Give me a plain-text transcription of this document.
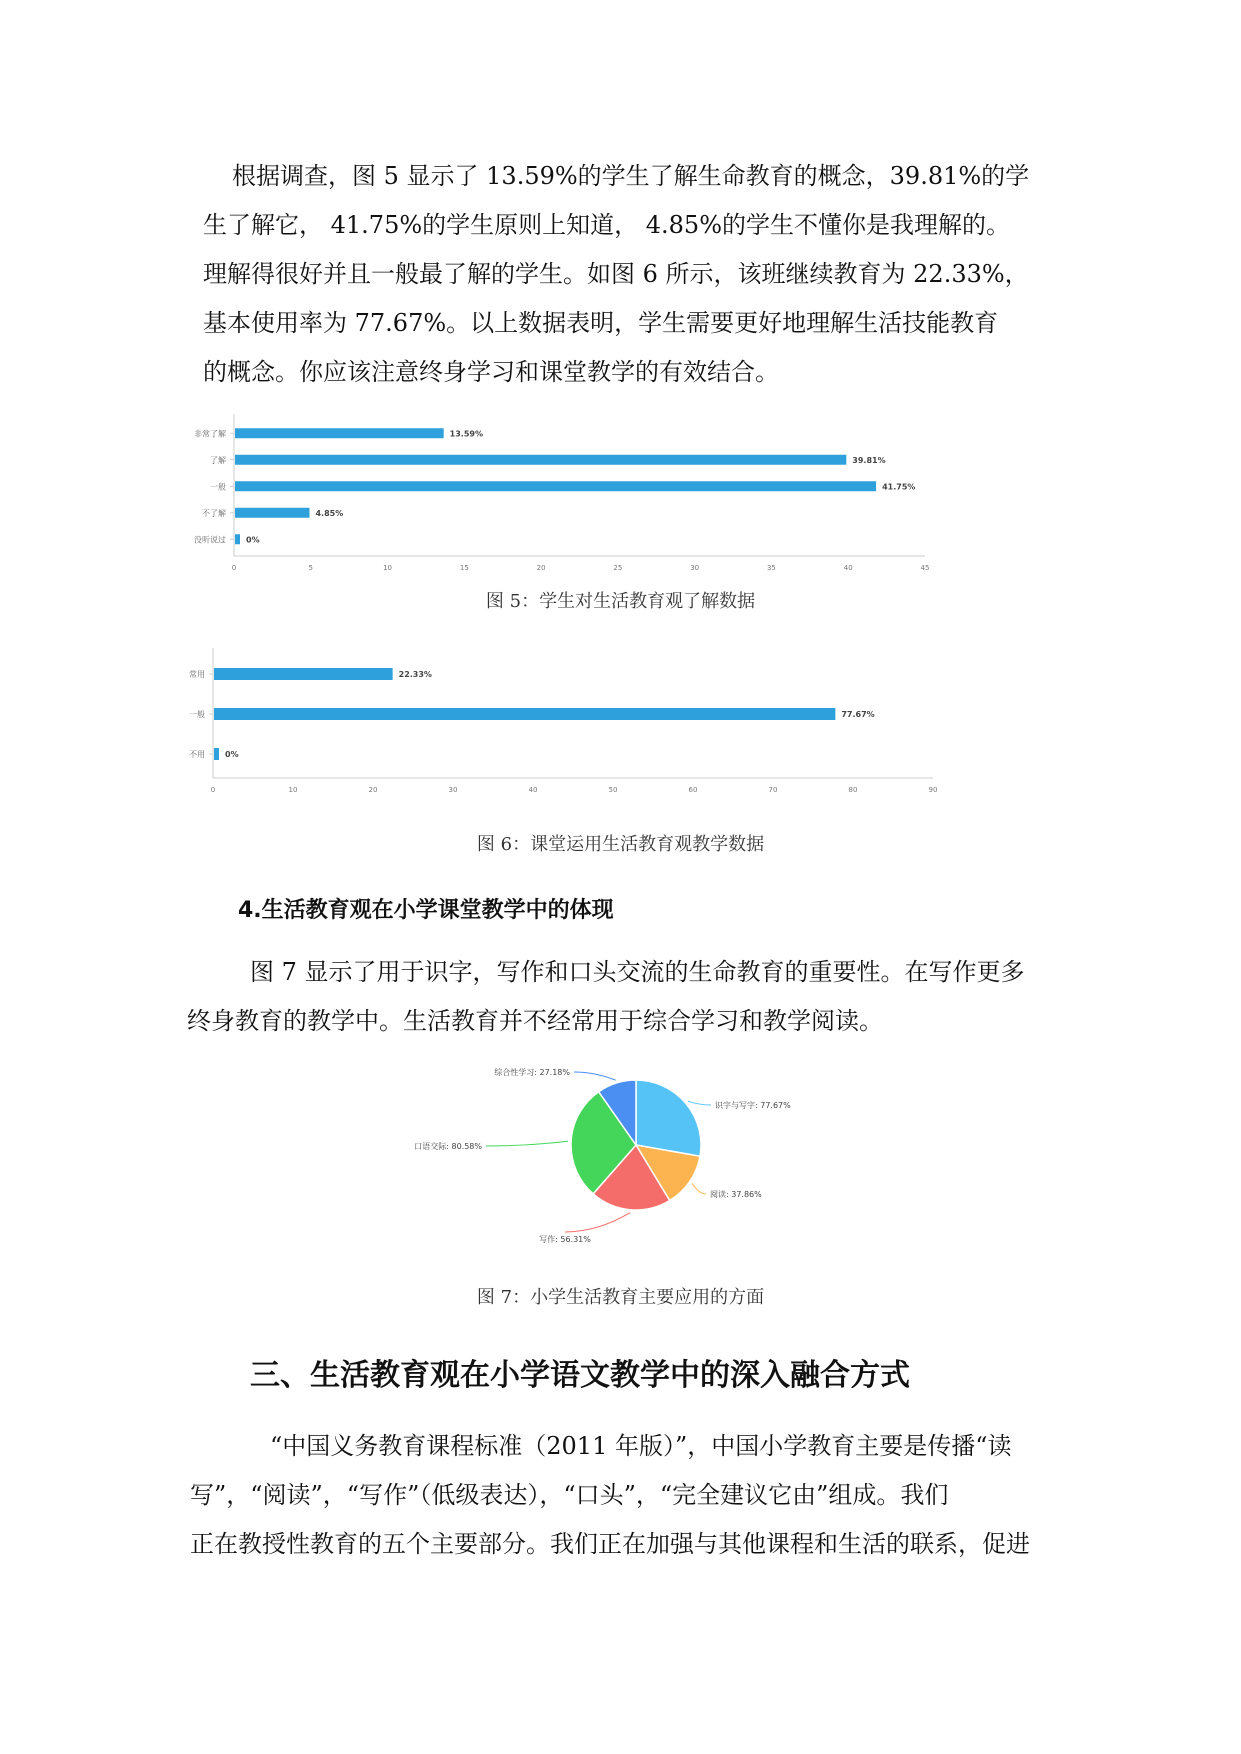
根据调查，图 5 显示了 13.59%的学生了解生命教育的概念，39.81%的学
生了解它， 41.75%的学生原则上知道， 4.85%的学生不懂你是我理解的。
理解得很好并且一般最了解的学生。如图 6 所示，该班继续教育为 22.33%，
基本使用率为 77.67%。以上数据表明，学生需要更好地理解生活技能教育
的概念。你应该注意终身学习和课堂教学的有效结合。
0	5	10	15	20	25	30	35	40	45
非常了解	13.59%
了解	39.81%
一般	41.75%
不了解	4.85%
没听说过	0%
图 5：学生对生活教育观了解数据
0	10	20	30	40	50	60	70	80	90
常用	22.33%
一般	77.67%
不用	0%
图 6：课堂运用生活教育观教学数据
4.生活教育观在小学课堂教学中的体现
图 7 显示了用于识字，写作和口头交流的生命教育的重要性。在写作更多
终身教育的教学中。生活教育并不经常用于综合学习和教学阅读。
识字与写字: 77.67%
阅读: 37.86%
写作: 56.31%
口语交际: 80.58%
综合性学习: 27.18%
图 7：小学生活教育主要应用的方面
三、生活教育观在小学语文教学中的深入融合方式
“中国义务教育课程标准（2011 年版）”，中国小学教育主要是传播“读
写”，“阅读”，“写作”（低级表达），“口头”，“完全建议它由”组成。我们
正在教授性教育的五个主要部分。我们正在加强与其他课程和生活的联系，促进
